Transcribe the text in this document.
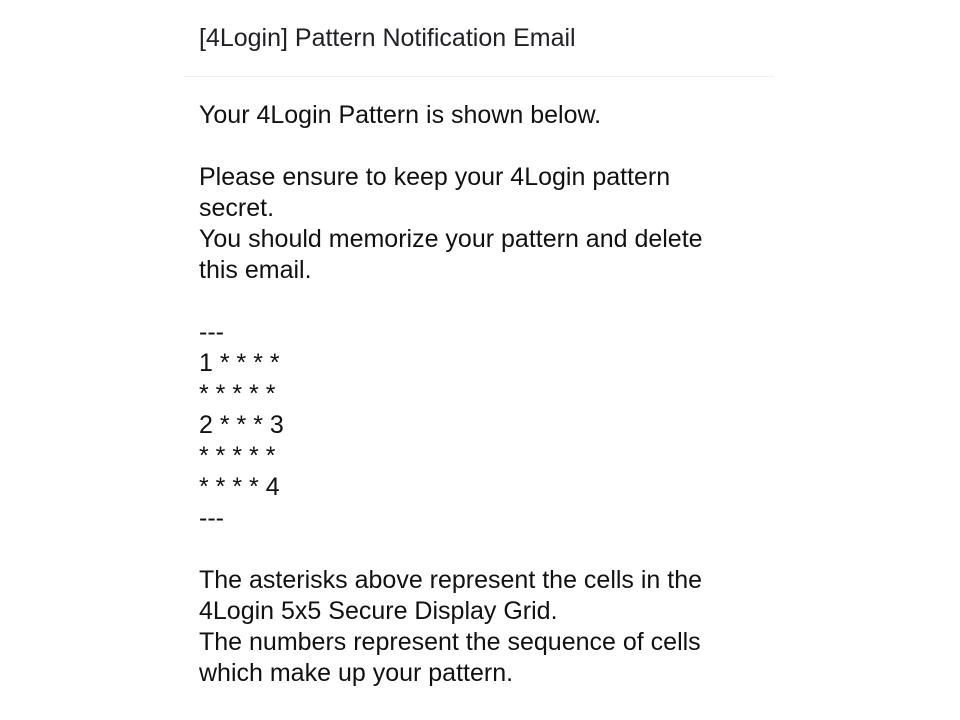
[4Login] Pattern Notification Email
Your 4Login Pattern is shown below.
Please ensure to keep your 4Login pattern
secret.
You should memorize your pattern and delete
this email.
---
1 * * * *
* * * * *
2 * * * 3
* * * * *
* * * * 4
---
The asterisks above represent the cells in the
4Login 5x5 Secure Display Grid.
The numbers represent the sequence of cells
which make up your pattern.
